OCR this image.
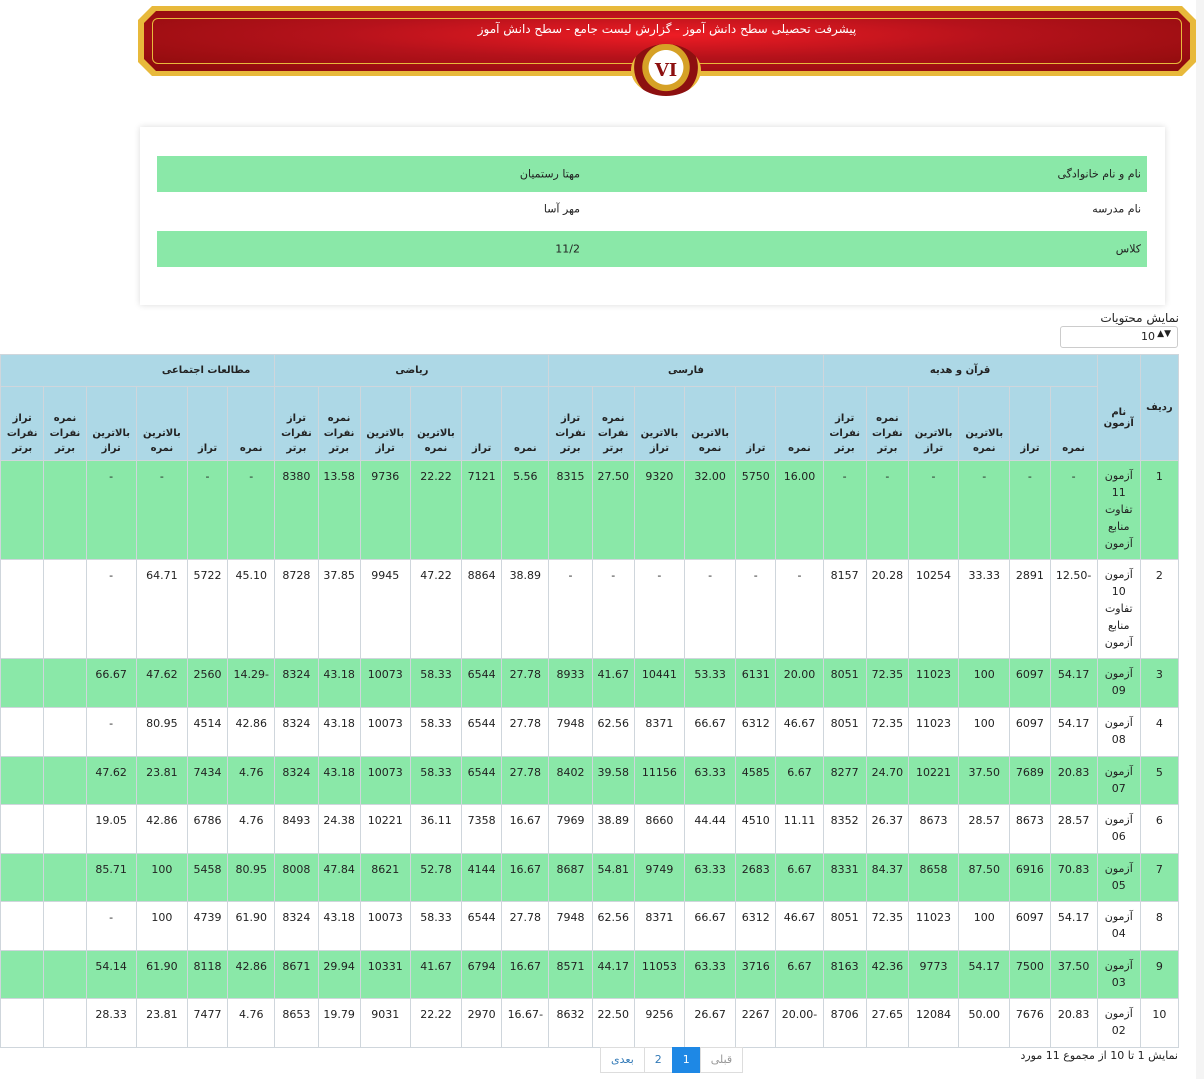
پیشرفت تحصیلی سطح دانش آموز - گزارش لیست جامع - سطح دانش آموز
VI
نام و نام خانوادگی
مهتا رستمیان
نام مدرسه
مهر آسا
کلاس
11/2
نمایش محتویات
▲▼
10
ردیف	نام آزمون	قرآن و هدیه						فارسی						ریاضی						مطالعات اجتماعی					
		نمره	تراز	بالاترین نمره	بالاترین تراز	نمره نفرات برتر	تراز نفرات برتر	نمره	تراز	بالاترین نمره	بالاترین تراز	نمره نفرات برتر	تراز نفرات برتر	نمره	تراز	بالاترین نمره	بالاترین تراز	نمره نفرات برتر	تراز نفرات برتر	نمره	تراز	بالاترین نمره	بالاترین تراز	نمره نفرات برتر	تراز نفرات برتر
1	آزمون 11 تفاوت منابع آزمون	-	-	-	-	-	-	16.00	5750	32.00	9320	27.50	8315	5.56	7121	22.22	9736	13.58	8380	-	-	-	-		
2	آزمون 10 تفاوت منابع آزمون	-12.50	2891	33.33	10254	20.28	8157	-	-	-	-	-	-	38.89	8864	47.22	9945	37.85	8728	45.10	5722	64.71	-		
3	آزمون 09	54.17	6097	100	11023	72.35	8051	20.00	6131	53.33	10441	41.67	8933	27.78	6544	58.33	10073	43.18	8324	-14.29	2560	47.62	66.67		
4	آزمون 08	54.17	6097	100	11023	72.35	8051	46.67	6312	66.67	8371	62.56	7948	27.78	6544	58.33	10073	43.18	8324	42.86	4514	80.95	-		
5	آزمون 07	20.83	7689	37.50	10221	24.70	8277	6.67	4585	63.33	11156	39.58	8402	27.78	6544	58.33	10073	43.18	8324	4.76	7434	23.81	47.62		
6	آزمون 06	28.57	8673	28.57	8673	26.37	8352	11.11	4510	44.44	8660	38.89	7969	16.67	7358	36.11	10221	24.38	8493	4.76	6786	42.86	19.05		
7	آزمون 05	70.83	6916	87.50	8658	84.37	8331	6.67	2683	63.33	9749	54.81	8687	16.67	4144	52.78	8621	47.84	8008	80.95	5458	100	85.71		
8	آزمون 04	54.17	6097	100	11023	72.35	8051	46.67	6312	66.67	8371	62.56	7948	27.78	6544	58.33	10073	43.18	8324	61.90	4739	100	-		
9	آزمون 03	37.50	7500	54.17	9773	42.36	8163	6.67	3716	63.33	11053	44.17	8571	16.67	6794	41.67	10331	29.94	8671	42.86	8118	61.90	54.14		
10	آزمون 02	20.83	7676	50.00	12084	27.65	8706	-20.00	2267	26.67	9256	22.50	8632	-16.67	2970	22.22	9031	19.79	8653	4.76	7477	23.81	28.33		
نمایش 1 تا 10 از مجموع 11 مورد
بعدی	2	1	قبلی
